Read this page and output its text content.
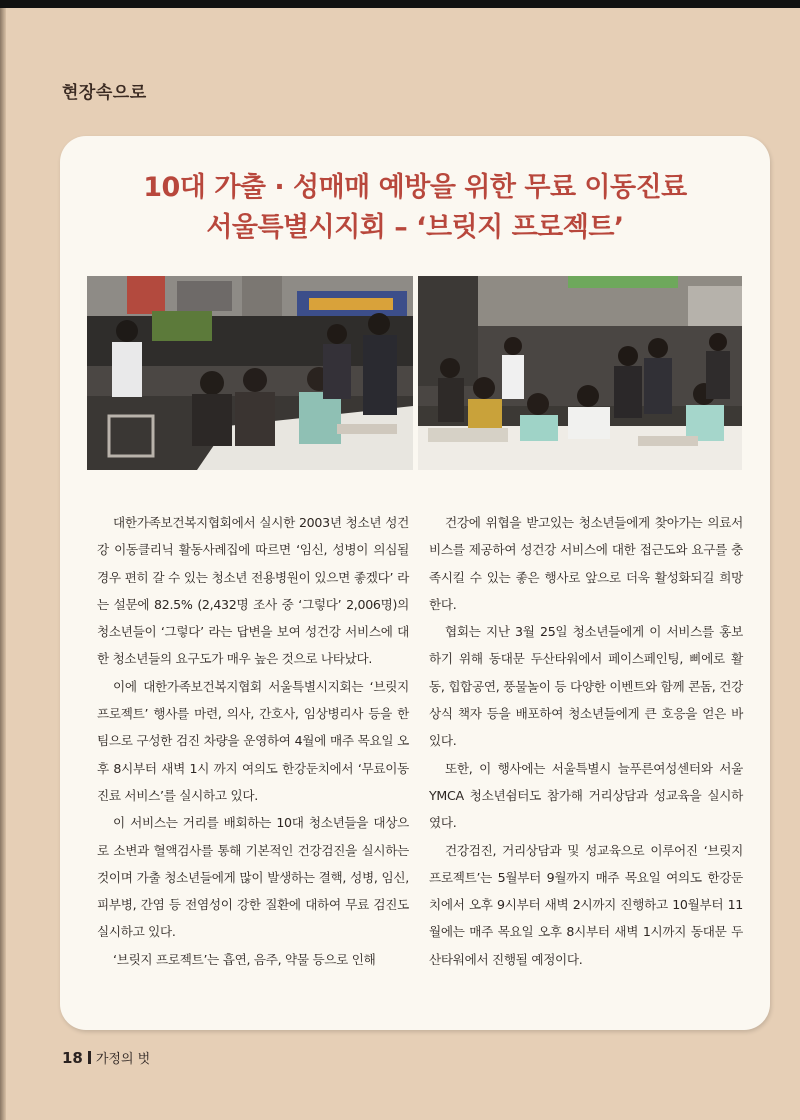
현장속으로
10대 가출 · 성매매 예방을 위한 무료 이동진료
서울특별시지회 – ‘브릿지 프로젝트’

대한가족보건복지협회에서 실시한 2003년 청소년 성건강 이동클리닉 활동사례집에 따르면 ‘임신, 성병이 의심될 경우 편히 갈 수 있는 청소년 전용병원이 있으면 좋겠다’ 라는 설문에 82.5% (2,432명 조사 중 ‘그렇다’ 2,006명)의 청소년들이 ‘그렇다’ 라는 답변을 보여 성건강 서비스에 대한 청소년들의 요구도가 매우 높은 것으로 나타났다.

이에 대한가족보건복지협회 서울특별시지회는 ‘브릿지프로젝트’ 행사를 마련, 의사, 간호사, 임상병리사 등을 한 팀으로 구성한 검진 차량을 운영하여 4월에 매주 목요일 오후 8시부터 새벽 1시 까지 여의도 한강둔치에서 ‘무료이동진료 서비스’를 실시하고 있다.

이 서비스는 거리를 배회하는 10대 청소년들을 대상으로 소변과 혈액검사를 통해 기본적인 건강검진을 실시하는 것이며 가출 청소년들에게 많이 발생하는 결핵, 성병, 임신, 피부병, 간염 등 전염성이 강한 질환에 대하여 무료 검진도 실시하고 있다.

‘브릿지 프로젝트’는 흡연, 음주, 약물 등으로 인해

건강에 위협을 받고있는 청소년들에게 찾아가는 의료서비스를 제공하여 성건강 서비스에 대한 접근도와 요구를 충족시킬 수 있는 좋은 행사로 앞으로 더욱 활성화되길 희망한다.

협회는 지난 3월 25일 청소년들에게 이 서비스를 홍보하기 위해 동대문 두산타워에서 페이스페인팅, 삐에로 활동, 힙합공연, 풍물놀이 등 다양한 이벤트와 함께 콘돔, 건강상식 책자 등을 배포하여 청소년들에게 큰 호응을 얻은 바 있다.

또한, 이 행사에는 서울특별시 늘푸른여성센터와 서울YMCA 청소년쉼터도 참가해 거리상담과 성교육을 실시하였다.

건강검진, 거리상담과 및 성교육으로 이루어진 ‘브릿지 프로젝트’는 5월부터 9월까지 매주 목요일 여의도 한강둔치에서 오후 9시부터 새벽 2시까지 진행하고 10월부터 11월에는 매주 목요일 오후 8시부터 새벽 1시까지 동대문 두산타워에서 진행될 예정이다.

18 가정의 벗
